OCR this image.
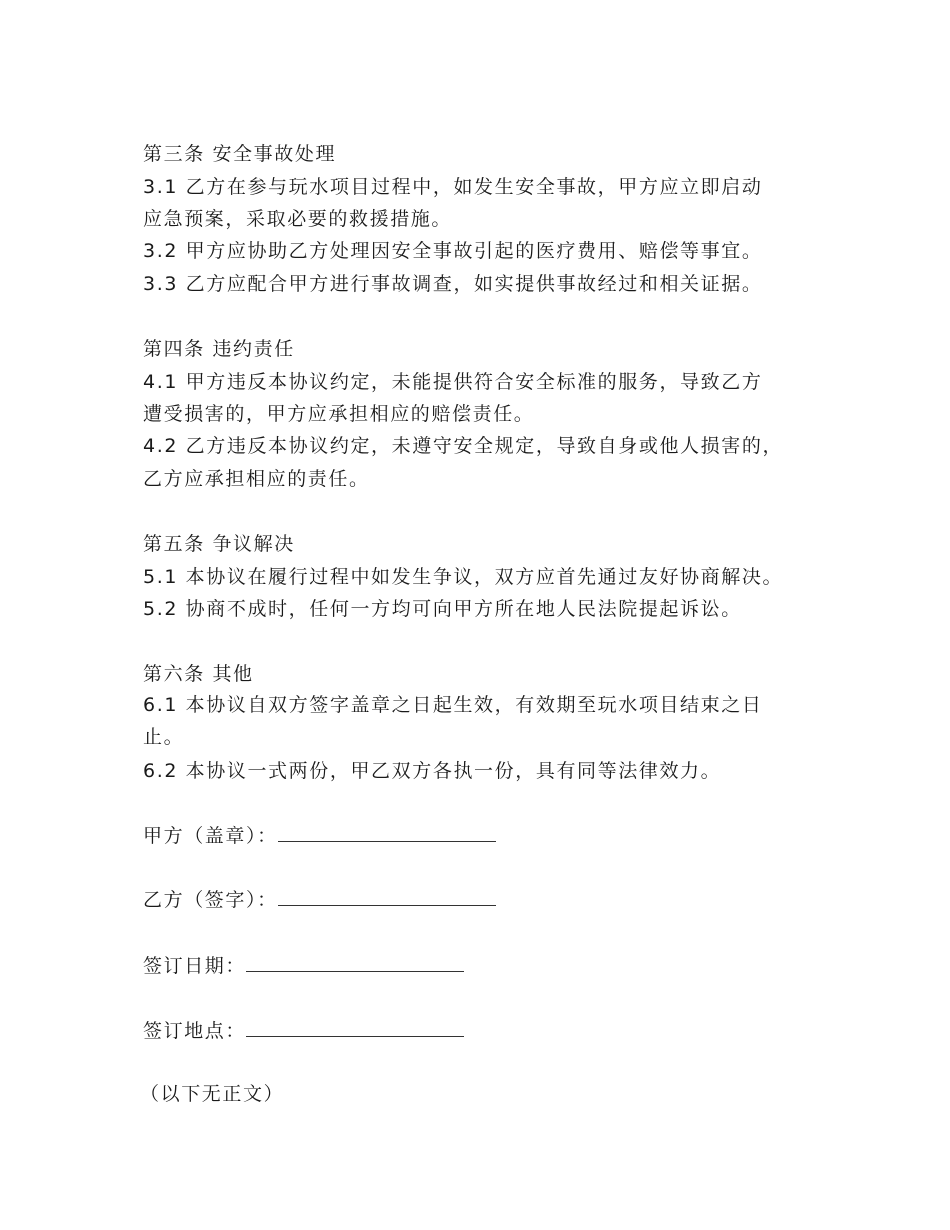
第三条 安全事故处理
3.1 乙方在参与玩水项目过程中，如发生安全事故，甲方应立即启动
应急预案，采取必要的救援措施。
3.2 甲方应协助乙方处理因安全事故引起的医疗费用、赔偿等事宜。
3.3 乙方应配合甲方进行事故调查，如实提供事故经过和相关证据。
第四条 违约责任
4.1 甲方违反本协议约定，未能提供符合安全标准的服务，导致乙方
遭受损害的，甲方应承担相应的赔偿责任。
4.2 乙方违反本协议约定，未遵守安全规定，导致自身或他人损害的，
乙方应承担相应的责任。
第五条 争议解决
5.1 本协议在履行过程中如发生争议，双方应首先通过友好协商解决。
5.2 协商不成时，任何一方均可向甲方所在地人民法院提起诉讼。
第六条 其他
6.1 本协议自双方签字盖章之日起生效，有效期至玩水项目结束之日
止。
6.2 本协议一式两份，甲乙双方各执一份，具有同等法律效力。
甲方（盖章）：
乙方（签字）：
签订日期：
签订地点：
（以下无正文）
